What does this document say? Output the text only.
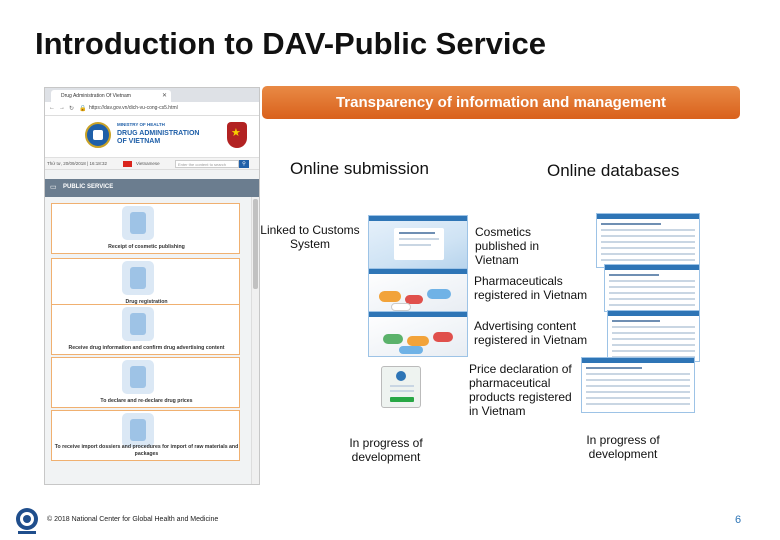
Introduction to DAV-Public Service
Drug Administration Of Vietnam	✕
← → ↻ 🔒 https://dav.gov.vn/dich-vu-cong-cs5.html
MINISTRY OF HEALTH
DRUG ADMINISTRATION
OF VIETNAM
★
Thứ tư, 20/09/2018 | 16:18:32	Vietnamese	Enter the content to search	⚲
▭ PUBLIC SERVICE
Receipt of cosmetic publishing
Drug registration
Receive drug information and confirm drug advertising content
To declare and re-declare drug prices
To receive import dossiers and procedures for import of raw materials and packages
Transparency of information and management
Online submission	Online databases
Linked to Customs System
In progress of development
Cosmetics published in Vietnam
Pharmaceuticals registered in Vietnam
Advertising content registered in Vietnam
Price declaration of pharmaceutical products registered in Vietnam
In progress of development
© 2018 National Center for Global Health and Medicine	6
